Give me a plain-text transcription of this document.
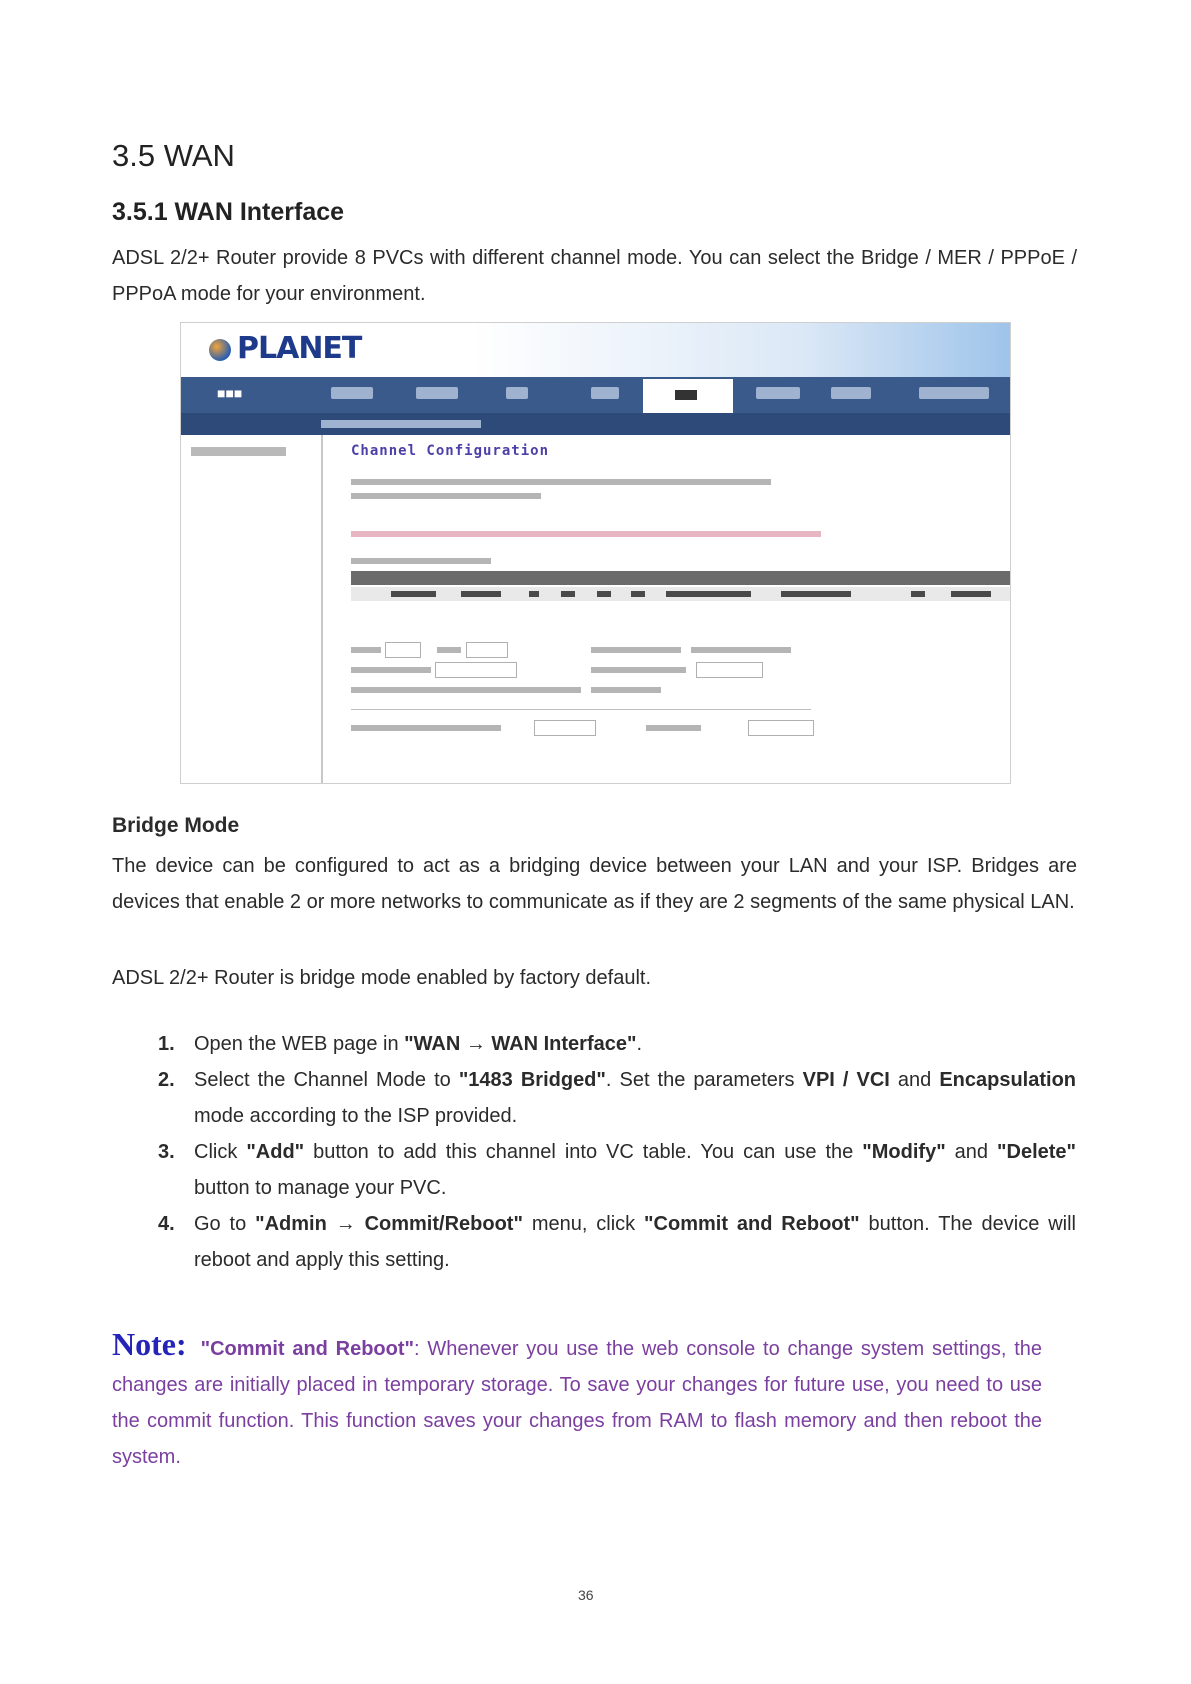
3.5 WAN
3.5.1 WAN Interface
ADSL 2/2+ Router provide 8 PVCs with different channel mode. You can select the Bridge / MER / PPPoE / PPPoA mode for your environment.
PLANET
■■■
Channel Configuration
Bridge Mode
The device can be configured to act as a bridging device between your LAN and your ISP. Bridges are devices that enable 2 or more networks to communicate as if they are 2 segments of the same physical LAN.
ADSL 2/2+ Router is bridge mode enabled by factory default.
1. Open the WEB page in "WAN → WAN Interface".
2. Select the Channel Mode to "1483 Bridged". Set the parameters VPI / VCI and Encapsulation mode according to the ISP provided.
3. Click "Add" button to add this channel into VC table. You can use the "Modify" and "Delete" button to manage your PVC.
4. Go to "Admin → Commit/Reboot" menu, click "Commit and Reboot" button. The device will reboot and apply this setting.
Note: "Commit and Reboot": Whenever you use the web console to change system settings, the changes are initially placed in temporary storage. To save your changes for future use, you need to use the commit function. This function saves your changes from RAM to flash memory and then reboot the system.
36
